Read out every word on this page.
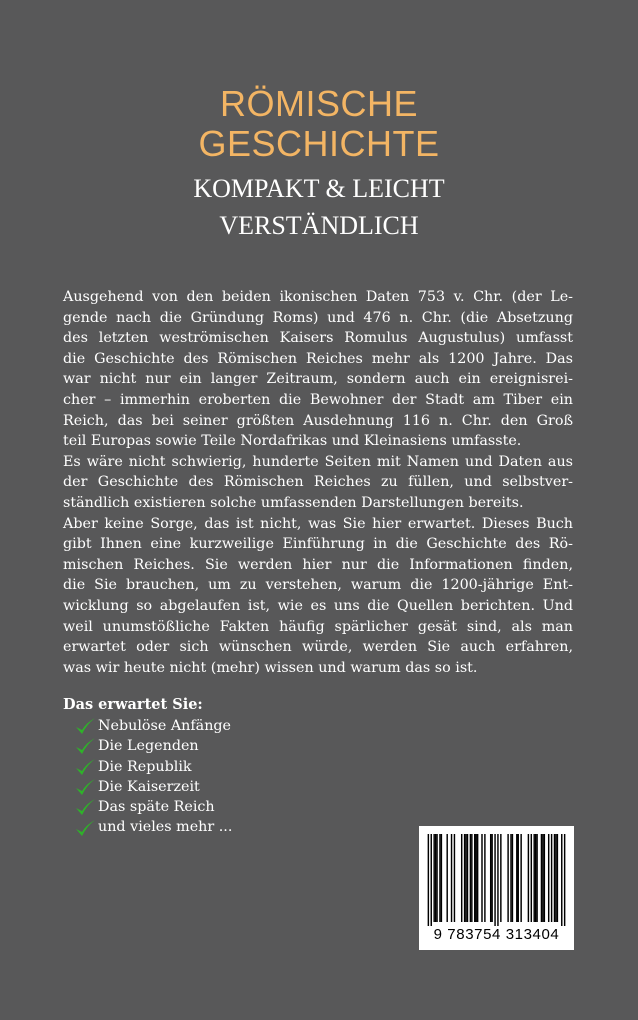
RÖMISCHE
GESCHICHTE
KOMPAKT & LEICHT
VERSTÄNDLICH
Ausgehend von den beiden ikonischen Daten 753 v. Chr. (der Le-
gende nach die Gründung Roms) und 476 n. Chr. (die Absetzung
des letzten weströmischen Kaisers Romulus Augustulus) umfasst
die Geschichte des Römischen Reiches mehr als 1200 Jahre. Das
war nicht nur ein langer Zeitraum, sondern auch ein ereignisrei-
cher – immerhin eroberten die Bewohner der Stadt am Tiber ein
Reich, das bei seiner größten Ausdehnung 116 n. Chr. den Groß
teil Europas sowie Teile Nordafrikas und Kleinasiens umfasste.
Es wäre nicht schwierig, hunderte Seiten mit Namen und Daten aus
der Geschichte des Römischen Reiches zu füllen, und selbstver-
ständlich existieren solche umfassenden Darstellungen bereits.
Aber keine Sorge, das ist nicht, was Sie hier erwartet. Dieses Buch
gibt Ihnen eine kurzweilige Einführung in die Geschichte des Rö-
mischen Reiches. Sie werden hier nur die Informationen finden,
die Sie brauchen, um zu verstehen, warum die 1200-jährige Ent-
wicklung so abgelaufen ist, wie es uns die Quellen berichten. Und
weil unumstößliche Fakten häufig spärlicher gesät sind, als man
erwartet oder sich wünschen würde, werden Sie auch erfahren,
was wir heute nicht (mehr) wissen und warum das so ist.
Das erwartet Sie:
Nebulöse Anfänge
Die Legenden
Die Republik
Die Kaiserzeit
Das späte Reich
und vieles mehr ...
9 783754 313404
